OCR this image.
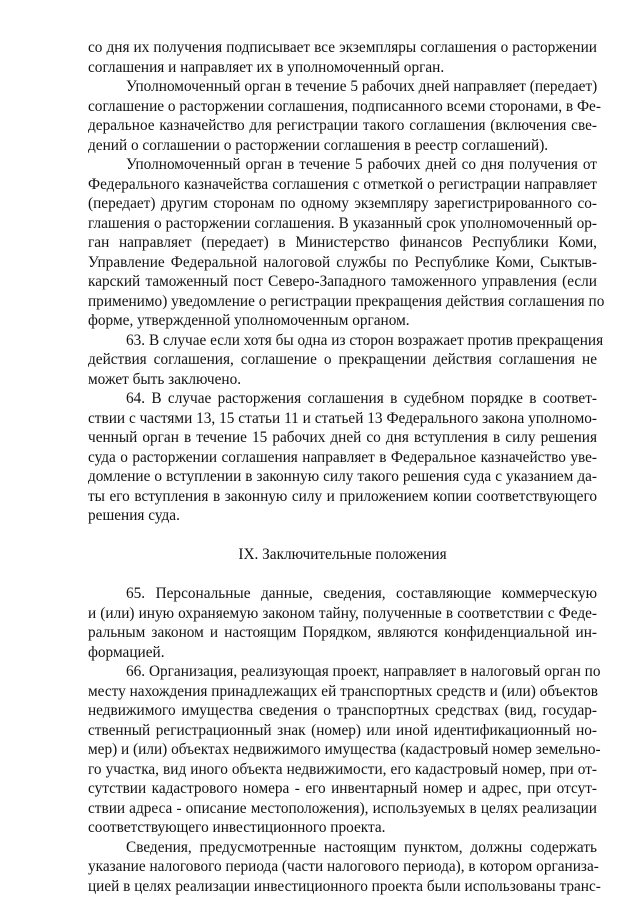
со дня их получения подписывает все экземпляры соглашения о расторжении
соглашения и направляет их в уполномоченный орган.
Уполномоченный орган в течение 5 рабочих дней направляет (передает)
соглашение о расторжении соглашения, подписанного всеми сторонами, в Фе-
деральное казначейство для регистрации такого соглашения (включения све-
дений о соглашении о расторжении соглашения в реестр соглашений).
Уполномоченный орган в течение 5 рабочих дней со дня получения от
Федерального казначейства соглашения с отметкой о регистрации направляет
(передает) другим сторонам по одному экземпляру зарегистрированного со-
глашения о расторжении соглашения. В указанный срок уполномоченный ор-
ган направляет (передает) в Министерство финансов Республики Коми,
Управление Федеральной налоговой службы по Республике Коми, Сыктыв-
карский таможенный пост Северо-Западного таможенного управления (если
применимо) уведомление о регистрации прекращения действия соглашения по
форме, утвержденной уполномоченным органом.
63. В случае если хотя бы одна из сторон возражает против прекращения
действия соглашения, соглашение о прекращении действия соглашения не
может быть заключено.
64. В случае расторжения соглашения в судебном порядке в соответ-
ствии с частями 13, 15 статьи 11 и статьей 13 Федерального закона уполномо-
ченный орган в течение 15 рабочих дней со дня вступления в силу решения
суда о расторжении соглашения направляет в Федеральное казначейство уве-
домление о вступлении в законную силу такого решения суда с указанием да-
ты его вступления в законную силу и приложением копии соответствующего
решения суда.
IX. Заключительные положения
65. Персональные данные, сведения, составляющие коммерческую
и (или) иную охраняемую законом тайну, полученные в соответствии с Феде-
ральным законом и настоящим Порядком, являются конфиденциальной ин-
формацией.
66. Организация, реализующая проект, направляет в налоговый орган по
месту нахождения принадлежащих ей транспортных средств и (или) объектов
недвижимого имущества сведения о транспортных средствах (вид, государ-
ственный регистрационный знак (номер) или иной идентификационный но-
мер) и (или) объектах недвижимого имущества (кадастровый номер земельно-
го участка, вид иного объекта недвижимости, его кадастровый номер, при от-
сутствии кадастрового номера - его инвентарный номер и адрес, при отсут-
ствии адреса - описание местоположения), используемых в целях реализации
соответствующего инвестиционного проекта.
Сведения, предусмотренные настоящим пунктом, должны содержать
указание налогового периода (части налогового периода), в котором организа-
цией в целях реализации инвестиционного проекта были использованы транс-
